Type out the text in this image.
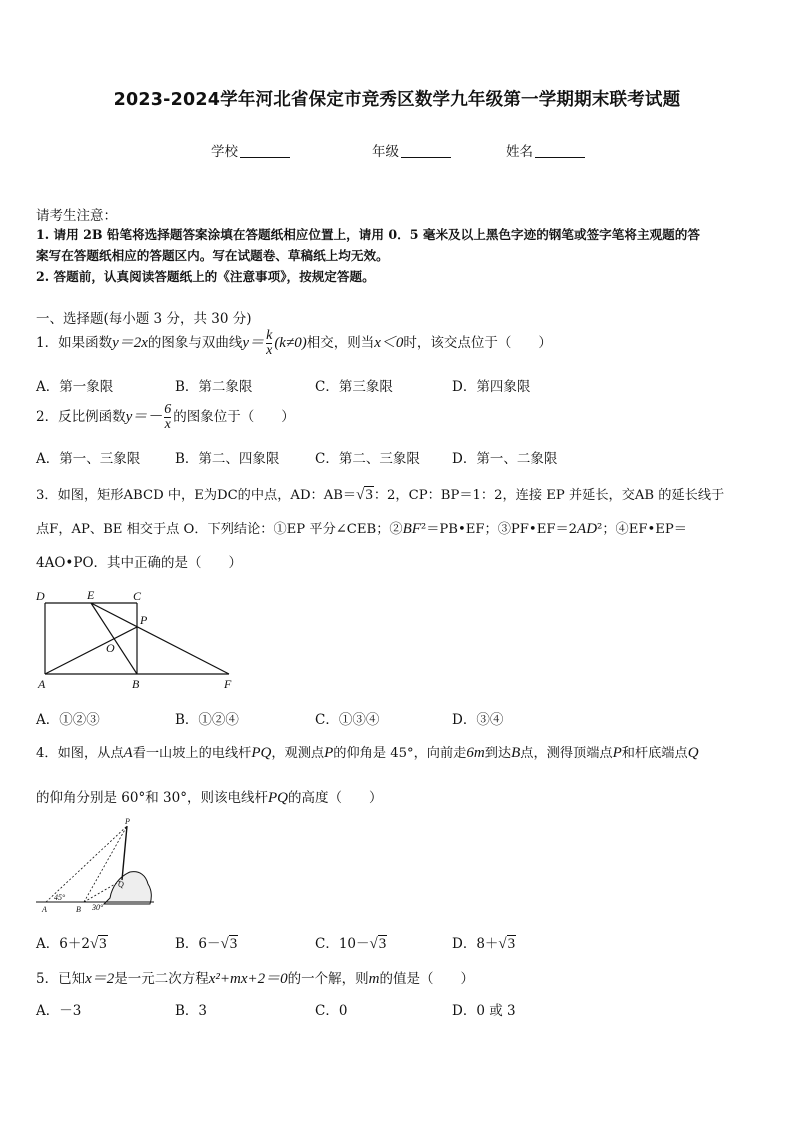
2023-2024学年河北省保定市竞秀区数学九年级第一学期期末联考试题
学校	年级	姓名
请考生注意：
1. 请用 2B 铅笔将选择题答案涂填在答题纸相应位置上，请用 0．5 毫米及以上黑色字迹的钢笔或签字笔将主观题的答
案写在答题纸相应的答题区内。写在试题卷、草稿纸上均无效。
2. 答题前，认真阅读答题纸上的《注意事项》，按规定答题。
一、选择题(每小题 3 分，共 30 分)
1．如果函数y＝2x的图象与双曲线$y= \frac{k}{x} (k\ne 0)$相交，则当x＜0时，该交点位于（　　）
A．第一象限	B．第二象限	C．第三象限	D．第四象限
2．反比例函数$y=- \frac{6}{x}$ 的图象位于（　　）
A．第一、三象限	B．第二、四象限	C．第二、三象限 D．第一、二象限
3．如图，矩形ABCD 中，E为DC的中点，AD：AB＝√3：2，CP：BP＝1：2，连接 EP 并延长，交AB 的延长线于
点F，AP、BE 相交于点 O．下列结论：①EP 平分∠CEB；②BF²＝PB•EF；③PF•EF＝2AD²；④EF•EP＝
4AO•PO．其中正确的是（　　）
D	E	C
P
O
A	B	F
A．①②③	B．①②④	C．①③④	D．③④
4．如图，从点A看一山坡上的电线杆PQ，观测点P的仰角是 45°，向前走6m到达B点，测得顶端点P和杆底端点Q
的仰角分别是 60°和 30°，则该电线杆PQ的高度（　　）
P
Q
A	B
45°
30°
A．6＋2√3	B．6－√3	C．10－√3	D．8＋√3
5．已知x＝2是一元二次方程x²+mx+2＝0的一个解，则m的值是（　　）
A．－3	B．3	C．0	D．0 或 3
